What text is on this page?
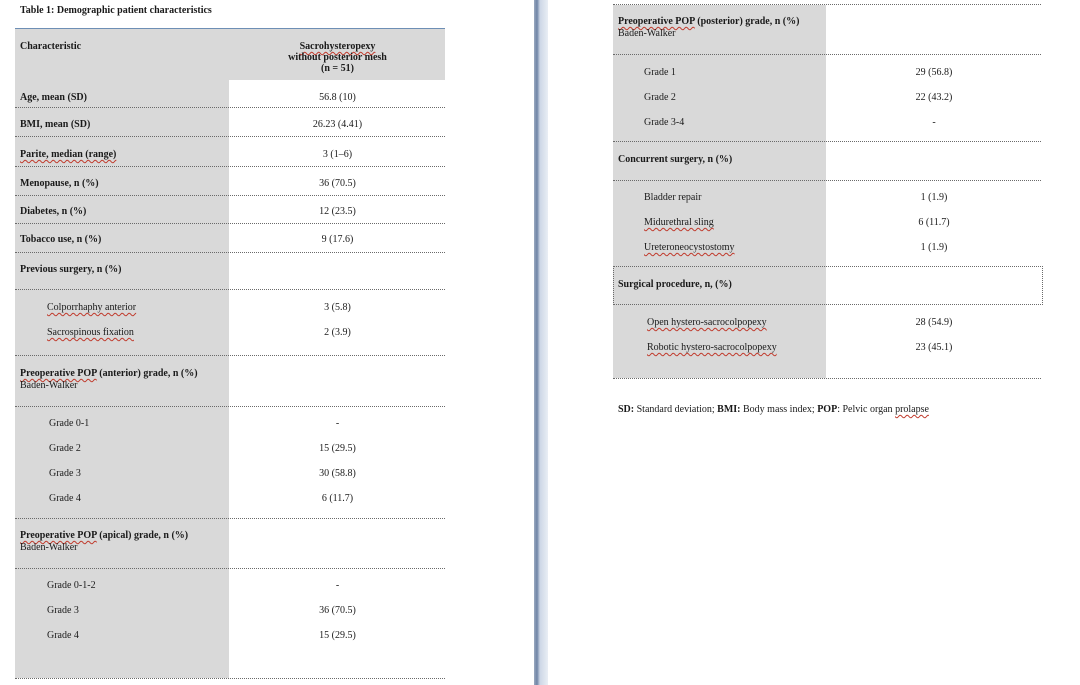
Table 1: Demographic patient characteristics
Characteristic	Sacrohysteropexy
without posterior mesh
(n = 51)
Age, mean (SD)	56.8 (10)
BMI, mean (SD)	26.23 (4.41)
Parite, median (range)	3 (1–6)
Menopause, n (%)	36 (70.5)
Diabetes, n (%)	12 (23.5)
Tobacco use, n (%)	9 (17.6)
Previous surgery, n (%)
Colporrhaphy anterior	3 (5.8)
Sacrospinous fixation	2 (3.9)
Preoperative POP (anterior) grade, n (%)
Baden-Walker
Grade 0-1	-
Grade 2	15 (29.5)
Grade 3	30 (58.8)
Grade 4	6 (11.7)
Preoperative POP (apical) grade, n (%)
Baden-Walker
Grade 0-1-2	-
Grade 3	36 (70.5)
Grade 4	15 (29.5)
Preoperative POP (posterior) grade, n (%)
Baden-Walker
Grade 1	29 (56.8)
Grade 2	22 (43.2)
Grade 3-4	-
Concurrent surgery, n (%)
Bladder repair	1 (1.9)
Midurethral sling	6 (11.7)
Ureteroneocystostomy	1 (1.9)
Surgical procedure, n, (%)
Open hystero-sacrocolpopexy	28 (54.9)
Robotic hystero-sacrocolpopexy	23 (45.1)
SD: Standard deviation; BMI: Body mass index; POP: Pelvic organ prolapse
